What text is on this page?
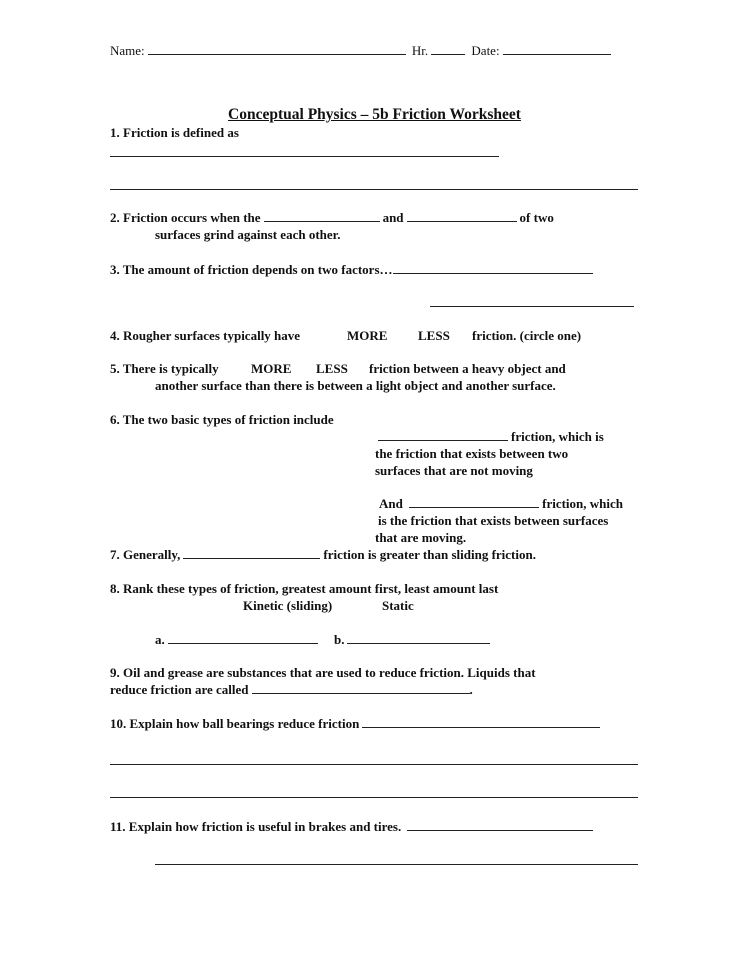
Name:	Hr.	Date:
Conceptual Physics – 5b Friction Worksheet
1. Friction is defined as
2. Friction occurs when the	and	of two
surfaces grind against each other.
3. The amount of friction depends on two factors…
4. Rougher surfaces typically have	MORE LESS friction. (circle one)
5. There is typically MORE LESS friction between a heavy object and
another surface than there is between a light object and another surface.
6. The two basic types of friction include
friction, which is
the friction that exists between two
surfaces that are not moving
And	friction, which
is the friction that exists between surfaces
that are moving.
7. Generally,	friction is greater than sliding friction.
8. Rank these types of friction, greatest amount first, least amount last
Kinetic (sliding)	Static
a.	b.
9. Oil and grease are substances that are used to reduce friction. Liquids that
reduce friction are called	.
10. Explain how ball bearings reduce friction
11. Explain how friction is useful in brakes and tires.
